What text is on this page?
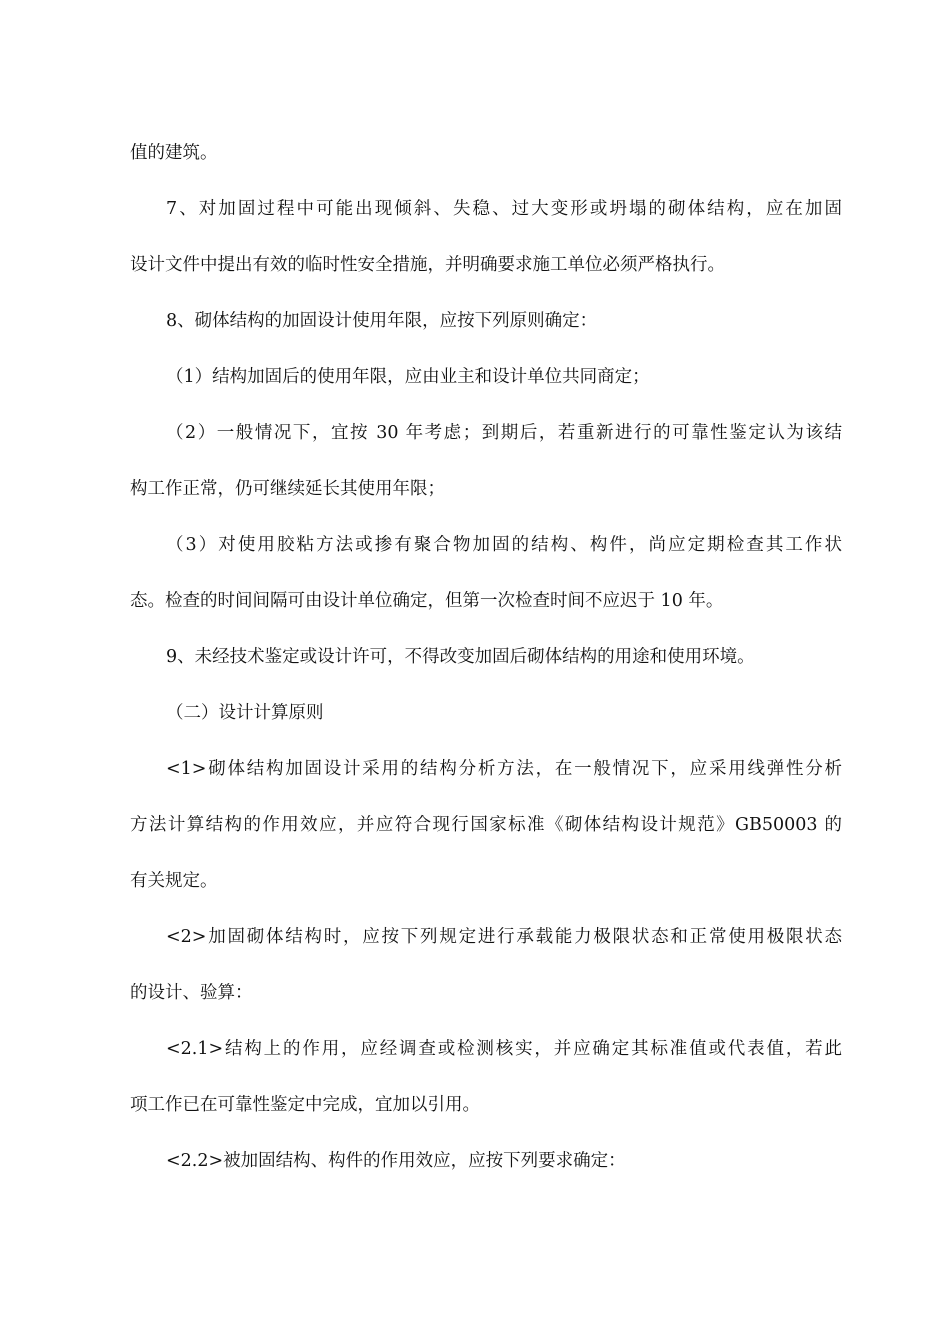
值的建筑。
7、对加固过程中可能出现倾斜、失稳、过大变形或坍塌的砌体结构，应在加固
设计文件中提出有效的临时性安全措施，并明确要求施工单位必须严格执行。
8、砌体结构的加固设计使用年限，应按下列原则确定：
（1）结构加固后的使用年限，应由业主和设计单位共同商定；
（2）一般情况下，宜按 30 年考虑；到期后，若重新进行的可靠性鉴定认为该结
构工作正常，仍可继续延长其使用年限；
（3）对使用胶粘方法或掺有聚合物加固的结构、构件，尚应定期检查其工作状
态。检查的时间间隔可由设计单位确定，但第一次检查时间不应迟于 10 年。
9、未经技术鉴定或设计许可，不得改变加固后砌体结构的用途和使用环境。
（二）设计计算原则
<1>砌体结构加固设计采用的结构分析方法，在一般情况下，应采用线弹性分析
方法计算结构的作用效应，并应符合现行国家标准《砌体结构设计规范》GB50003 的
有关规定。
<2>加固砌体结构时，应按下列规定进行承载能力极限状态和正常使用极限状态
的设计、验算：
<2.1>结构上的作用，应经调查或检测核实，并应确定其标准值或代表值，若此
项工作已在可靠性鉴定中完成，宜加以引用。
<2.2>被加固结构、构件的作用效应，应按下列要求确定：
